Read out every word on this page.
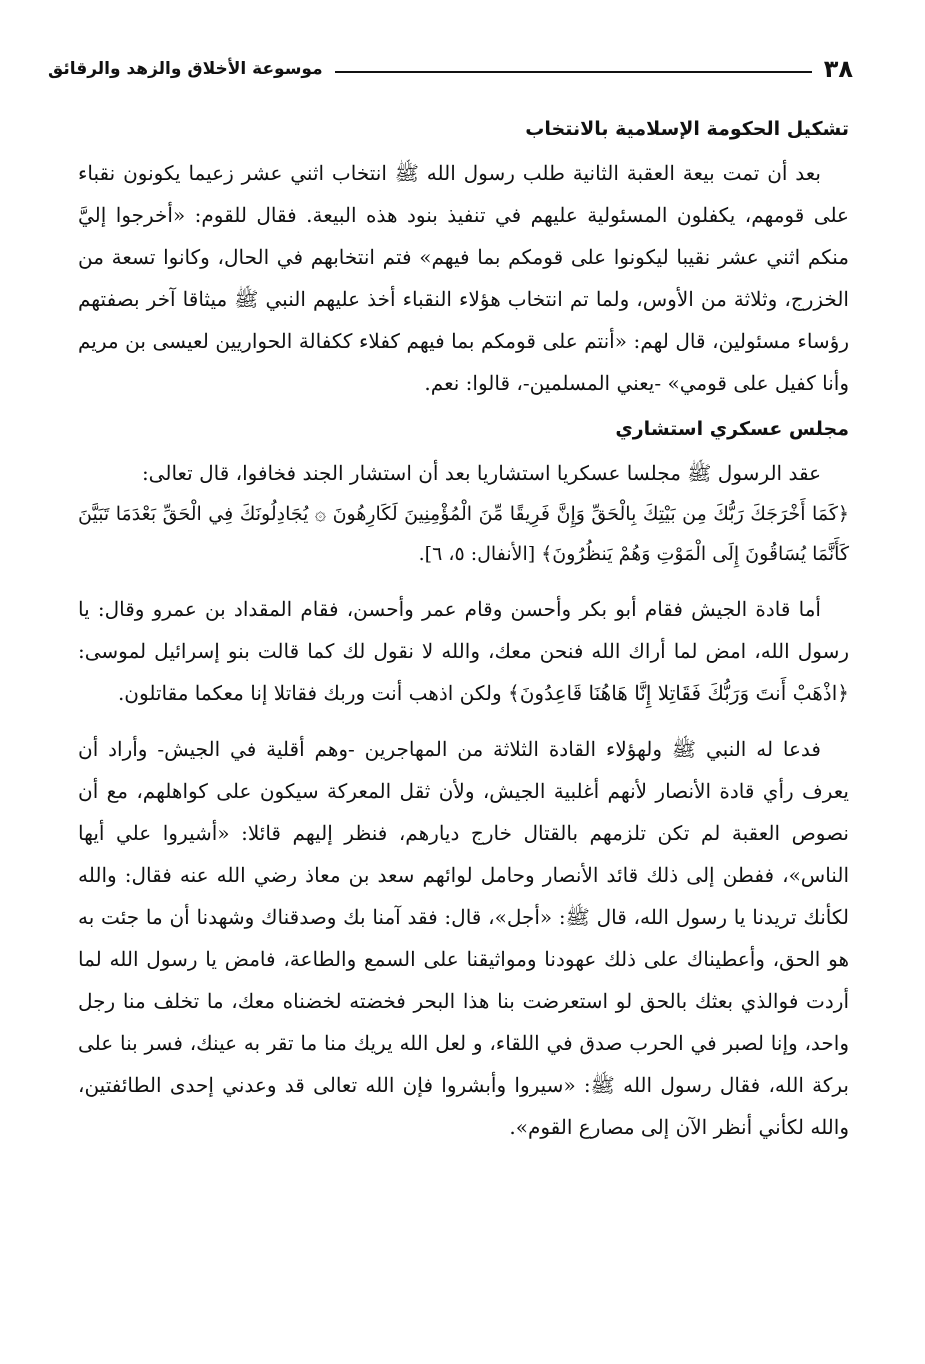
٣٨
موسوعة الأخلاق والزهد والرقائق
تشكيل الحكومة الإسلامية بالانتخاب

بعد أن تمت بيعة العقبة الثانية طلب رسول الله ﷺ انتخاب اثني عشر زعيما يكونون نقباء على قومهم، يكفلون المسئولية عليهم في تنفيذ بنود هذه البيعة. فقال للقوم: «أخرجوا إليَّ منكم اثني عشر نقيبا ليكونوا على قومكم بما فيهم» فتم انتخابهم في الحال، وكانوا تسعة من الخزرج، وثلاثة من الأوس، ولما تم انتخاب هؤلاء النقباء أخذ عليهم النبي ﷺ ميثاقا آخر بصفتهم رؤساء مسئولين، قال لهم: «أنتم على قومكم بما فيهم كفلاء ككفالة الحواريين لعيسى بن مريم وأنا كفيل على قومي» -يعني المسلمين-، قالوا: نعم.

مجلس عسكري استشاري

عقد الرسول ﷺ مجلسا عسكريا استشاريا بعد أن استشار الجند فخافوا، قال تعالى:

﴿كَمَا أَخْرَجَكَ رَبُّكَ مِن بَيْتِكَ بِالْحَقِّ وَإِنَّ فَرِيقًا مِّنَ الْمُؤْمِنِينَ لَكَارِهُونَ ۞ يُجَادِلُونَكَ فِي الْحَقِّ بَعْدَمَا تَبَيَّنَ كَأَنَّمَا يُسَاقُونَ إِلَى الْمَوْتِ وَهُمْ يَنظُرُونَ﴾ [الأنفال: ٥، ٦].

أما قادة الجيش فقام أبو بكر وأحسن وقام عمر وأحسن، فقام المقداد بن عمرو وقال: يا رسول الله، امض لما أراك الله فنحن معك، والله لا نقول لك كما قالت بنو إسرائيل لموسى: ﴿اذْهَبْ أَنتَ وَرَبُّكَ فَقَاتِلا إِنَّا هَاهُنَا قَاعِدُونَ﴾ ولكن اذهب أنت وربك فقاتلا إنا معكما مقاتلون.

فدعا له النبي ﷺ ولهؤلاء القادة الثلاثة من المهاجرين -وهم أقلية في الجيش- وأراد أن يعرف رأي قادة الأنصار لأنهم أغلبية الجيش، ولأن ثقل المعركة سيكون على كواهلهم، مع أن نصوص العقبة لم تكن تلزمهم بالقتال خارج ديارهم، فنظر إليهم قائلا: «أشيروا علي أيها الناس»، ففطن إلى ذلك قائد الأنصار وحامل لوائهم سعد بن معاذ رضي الله عنه فقال: والله لكأنك تريدنا يا رسول الله، قال ﷺ: «أجل»، قال: فقد آمنا بك وصدقناك وشهدنا أن ما جئت به هو الحق، وأعطيناك على ذلك عهودنا ومواثيقنا على السمع والطاعة، فامض يا رسول الله لما أردت فوالذي بعثك بالحق لو استعرضت بنا هذا البحر فخضته لخضناه معك، ما تخلف منا رجل واحد، وإنا لصبر في الحرب صدق في اللقاء، و لعل الله يريك منا ما تقر به عينك، فسر بنا على بركة الله، فقال رسول الله ﷺ: «سيروا وأبشروا فإن الله تعالى قد وعدني إحدى الطائفتين، والله لكأني أنظر الآن إلى مصارع القوم».
